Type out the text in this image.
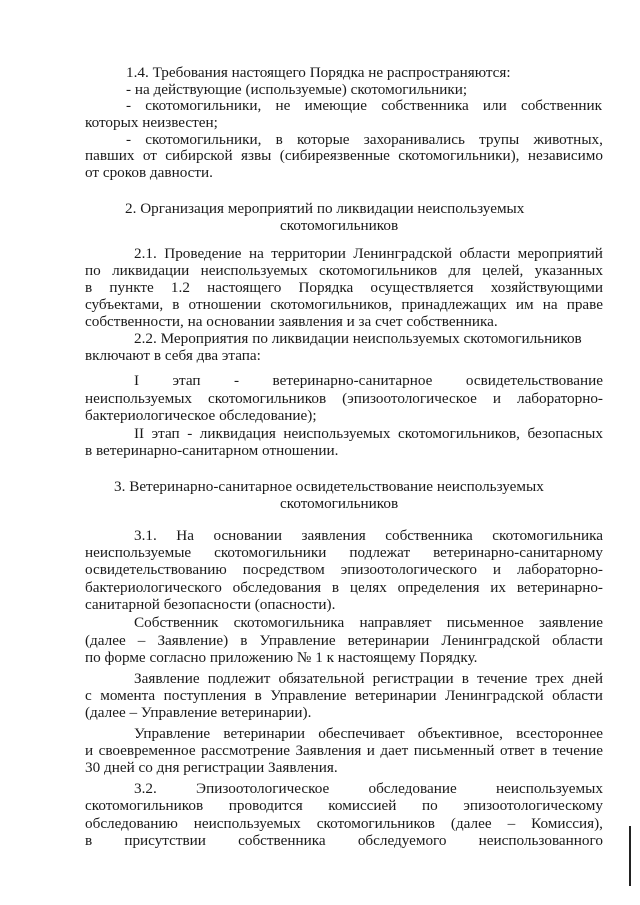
1.4. Требования настоящего Порядка не распространяются:
- на действующие (используемые) скотомогильники;
- скотомогильники, не имеющие собственника или собственник
которых неизвестен;
- скотомогильники, в которые захоранивались трупы животных,
павших от сибирской язвы (сибиреязвенные скотомогильники), независимо
от сроков давности.
2. Организация мероприятий по ликвидации неиспользуемых
скотомогильников
2.1. Проведение на территории Ленинградской области мероприятий
по ликвидации неиспользуемых скотомогильников для целей, указанных
в пункте 1.2 настоящего Порядка осуществляется хозяйствующими
субъектами, в отношении скотомогильников, принадлежащих им на праве
собственности, на основании заявления и за счет собственника.
2.2. Мероприятия по ликвидации неиспользуемых скотомогильников
включают в себя два этапа:
I этап - ветеринарно-санитарное освидетельствование
неиспользуемых скотомогильников (эпизоотологическое и лабораторно-
бактериологическое обследование);
II этап - ликвидация неиспользуемых скотомогильников, безопасных
в ветеринарно-санитарном отношении.
3. Ветеринарно-санитарное освидетельствование неиспользуемых
скотомогильников
3.1. На основании заявления собственника скотомогильника
неиспользуемые скотомогильники подлежат ветеринарно-санитарному
освидетельствованию посредством эпизоотологического и лабораторно-
бактериологического обследования в целях определения их ветеринарно-
санитарной безопасности (опасности).
Собственник скотомогильника направляет письменное заявление
(далее – Заявление) в Управление ветеринарии Ленинградской области
по форме согласно приложению № 1 к настоящему Порядку.
Заявление подлежит обязательной регистрации в течение трех дней
с момента поступления в Управление ветеринарии Ленинградской области
(далее – Управление ветеринарии).
Управление ветеринарии обеспечивает объективное, всестороннее
и своевременное рассмотрение Заявления и дает письменный ответ в течение
30 дней со дня регистрации Заявления.
3.2.	Эпизоотологическое	обследование	неиспользуемых
скотомогильников проводится комиссией по эпизоотологическому
обследованию неиспользуемых скотомогильников (далее – Комиссия),
в присутствии собственника обследуемого неиспользованного
